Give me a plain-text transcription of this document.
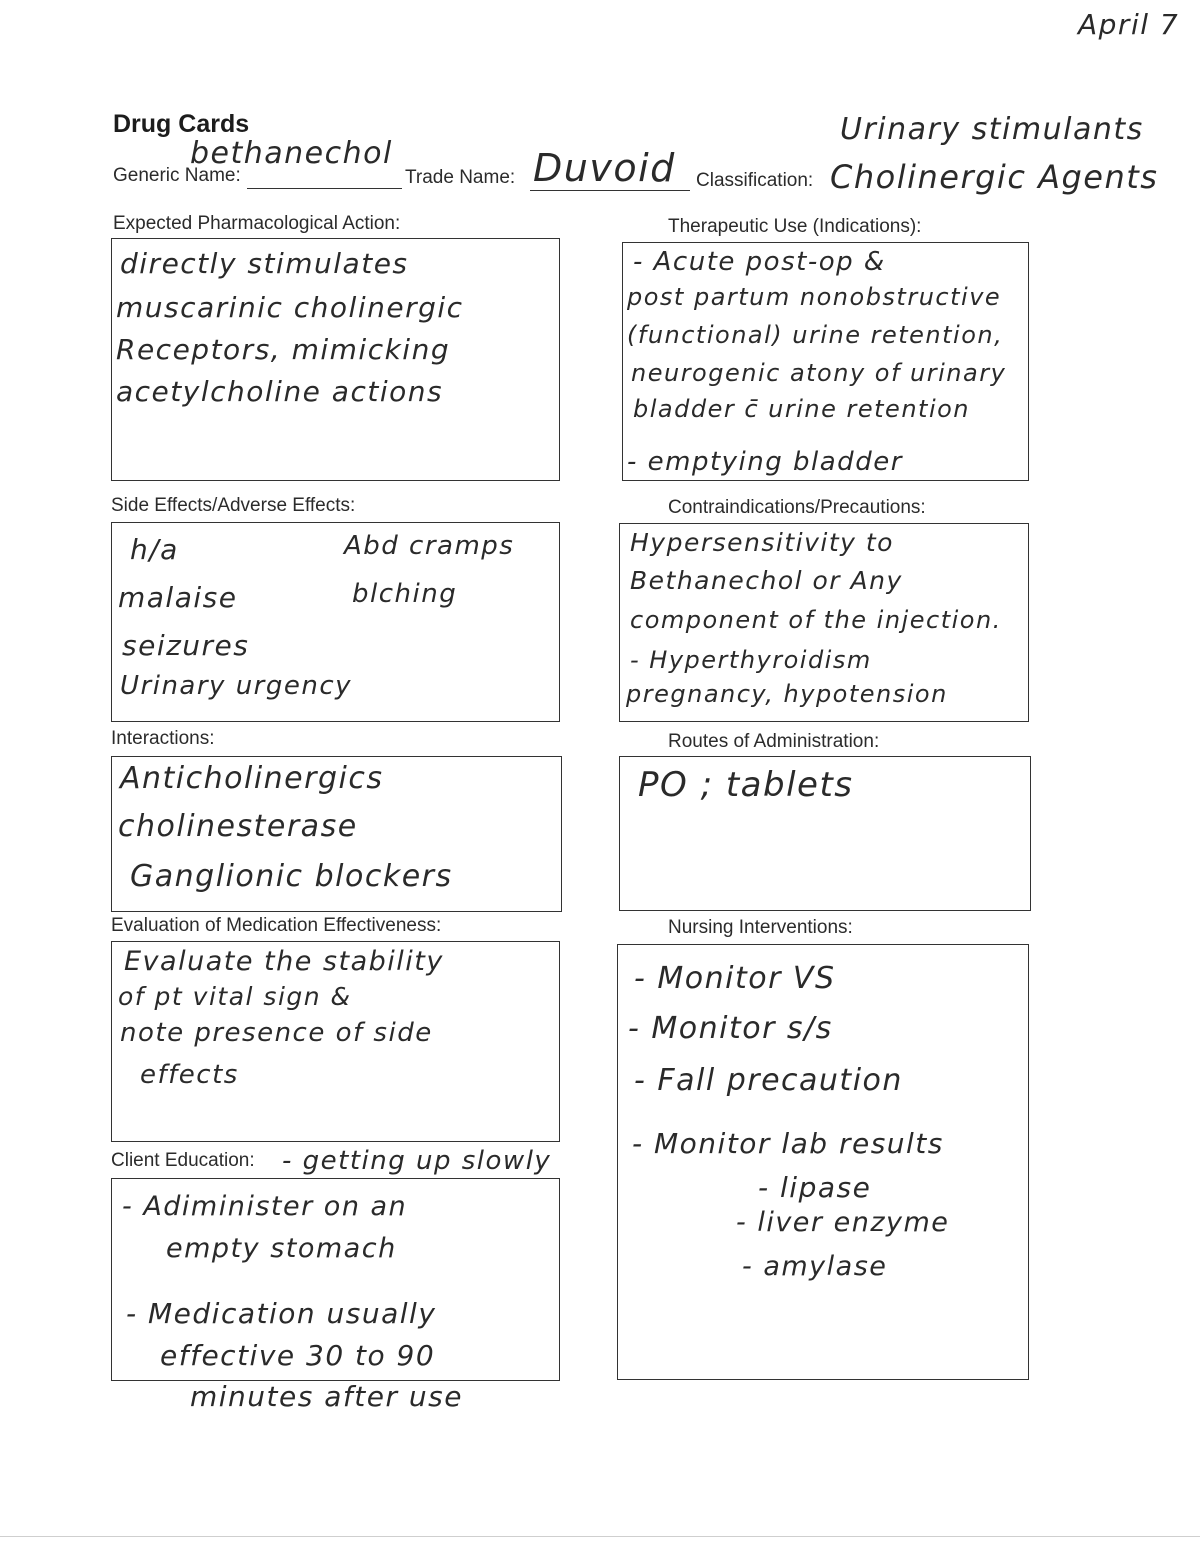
April 7
Drug Cards
Generic Name:
bethanechol
Trade Name: Duvoid Classification:
Urinary stimulants
Cholinergic Agents
Expected Pharmacological Action:
directly stimulates
muscarinic cholinergic
Receptors, mimicking
acetylcholine actions
Therapeutic Use (Indications):
- Acute post-op &
post partum nonobstructive
(functional) urine retention,
neurogenic atony of urinary
bladder c̄ urine retention
- emptying bladder
Side Effects/Adverse Effects:
h/a
malaise
seizures
Urinary urgency
Abd cramps
blching
Contraindications/Precautions:
Hypersensitivity to
Bethanechol or Any
component of the injection.
- Hyperthyroidism
pregnancy, hypotension
Interactions:
Anticholinergics
cholinesterase
Ganglionic blockers
Routes of Administration:
PO ; tablets
Evaluation of Medication Effectiveness:
Evaluate the stability
of pt vital sign &
note presence of side
effects
Nursing Interventions:
- Monitor VS
- Monitor s/s
- Fall precaution
- Monitor lab results
- lipase
- liver enzyme
- amylase
Client Education: - getting up slowly
- Adiminister on an
empty stomach
- Medication usually
effective 30 to 90
minutes after use
